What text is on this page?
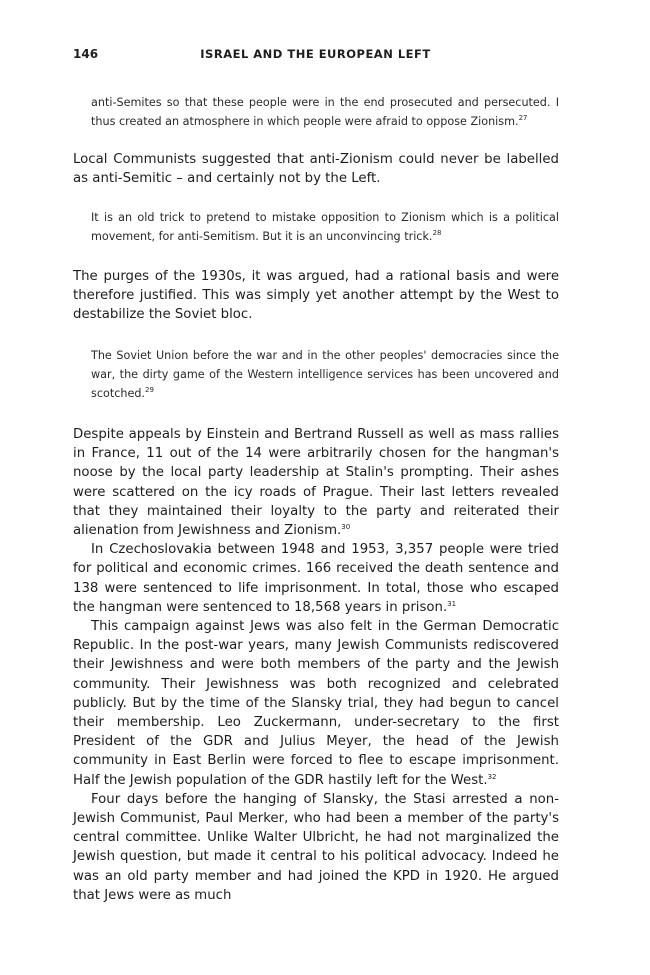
146	ISRAEL AND THE EUROPEAN LEFT
anti-Semites so that these people were in the end prosecuted and persecuted. I thus created an atmosphere in which people were afraid to oppose Zionism.$^{27}$

Local Communists suggested that anti-Zionism could never be labelled as anti-Semitic – and certainly not by the Left.

It is an old trick to pretend to mistake opposition to Zionism which is a political movement, for anti-Semitism. But it is an unconvincing trick.$^{28}$

The purges of the 1930s, it was argued, had a rational basis and were therefore justified. This was simply yet another attempt by the West to destabilize the Soviet bloc.

The Soviet Union before the war and in the other peoples' democracies since the war, the dirty game of the Western intelligence services has been uncovered and scotched.$^{29}$

Despite appeals by Einstein and Bertrand Russell as well as mass rallies in France, 11 out of the 14 were arbitrarily chosen for the hangman's noose by the local party leadership at Stalin's prompting. Their ashes were scattered on the icy roads of Prague. Their last letters revealed that they maintained their loyalty to the party and reiterated their alienation from Jewishness and Zionism.$^{30}$

In Czechoslovakia between 1948 and 1953, 3,357 people were tried for political and economic crimes. 166 received the death sentence and 138 were sentenced to life imprisonment. In total, those who escaped the hangman were sentenced to 18,568 years in prison.$^{31}$

This campaign against Jews was also felt in the German Democratic Republic. In the post-war years, many Jewish Communists rediscovered their Jewishness and were both members of the party and the Jewish community. Their Jewishness was both recognized and celebrated publicly. But by the time of the Slansky trial, they had begun to cancel their membership. Leo Zuckermann, under-secretary to the first President of the GDR and Julius Meyer, the head of the Jewish community in East Berlin were forced to flee to escape imprisonment. Half the Jewish population of the GDR hastily left for the West.$^{32}$

Four days before the hanging of Slansky, the Stasi arrested a non-Jewish Communist, Paul Merker, who had been a member of the party's central committee. Unlike Walter Ulbricht, he had not marginalized the Jewish question, but made it central to his political advocacy. Indeed he was an old party member and had joined the KPD in 1920. He argued that Jews were as much
